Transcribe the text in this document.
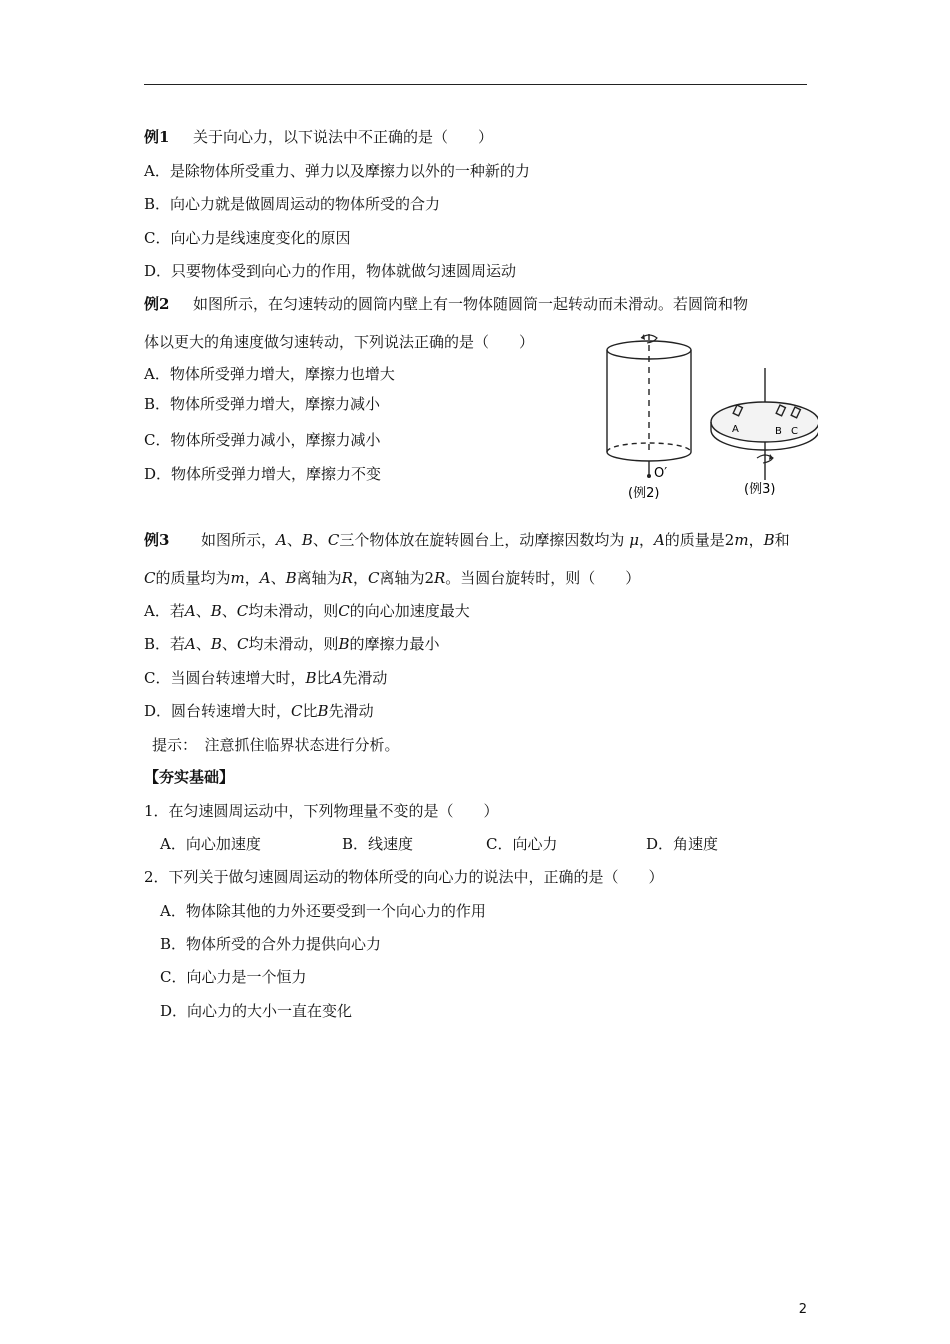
例1 关于向心力，以下说法中不正确的是（　　）
A．是除物体所受重力、弹力以及摩擦力以外的一种新的力
B．向心力就是做圆周运动的物体所受的合力
C．向心力是线速度变化的原因
D．只要物体受到向心力的作用，物体就做匀速圆周运动
例2 如图所示，在匀速转动的圆筒内壁上有一物体随圆筒一起转动而未滑动。若圆筒和物
体以更大的角速度做匀速转动，下列说法正确的是（　　）
A．物体所受弹力增大，摩擦力也增大
B．物体所受弹力增大，摩擦力减小
C．物体所受弹力减小，摩擦力减小
D．物体所受弹力增大，摩擦力不变	O′
(例2)
A	B C
(例3)
例3 如图所示，A、B、C三个物体放在旋转圆台上，动摩擦因数均为 μ，A的质量是2m，B和
C的质量均为m，A、B离轴为R，C离轴为2R。当圆台旋转时，则（　　）
A．若A、B、C均未滑动，则C的向心加速度最大
B．若A、B、C均未滑动，则B的摩擦力最小
C．当圆台转速增大时，B比A先滑动
D．圆台转速增大时，C比B先滑动
提示：　注意抓住临界状态进行分析。
【夯实基础】
1．在匀速圆周运动中，下列物理量不变的是（　　）
A．向心加速度	B．线速度	C．向心力	D．角速度
2．下列关于做匀速圆周运动的物体所受的向心力的说法中，正确的是（　　）
A．物体除其他的力外还要受到一个向心力的作用
B．物体所受的合外力提供向心力
C．向心力是一个恒力
D．向心力的大小一直在变化
2
